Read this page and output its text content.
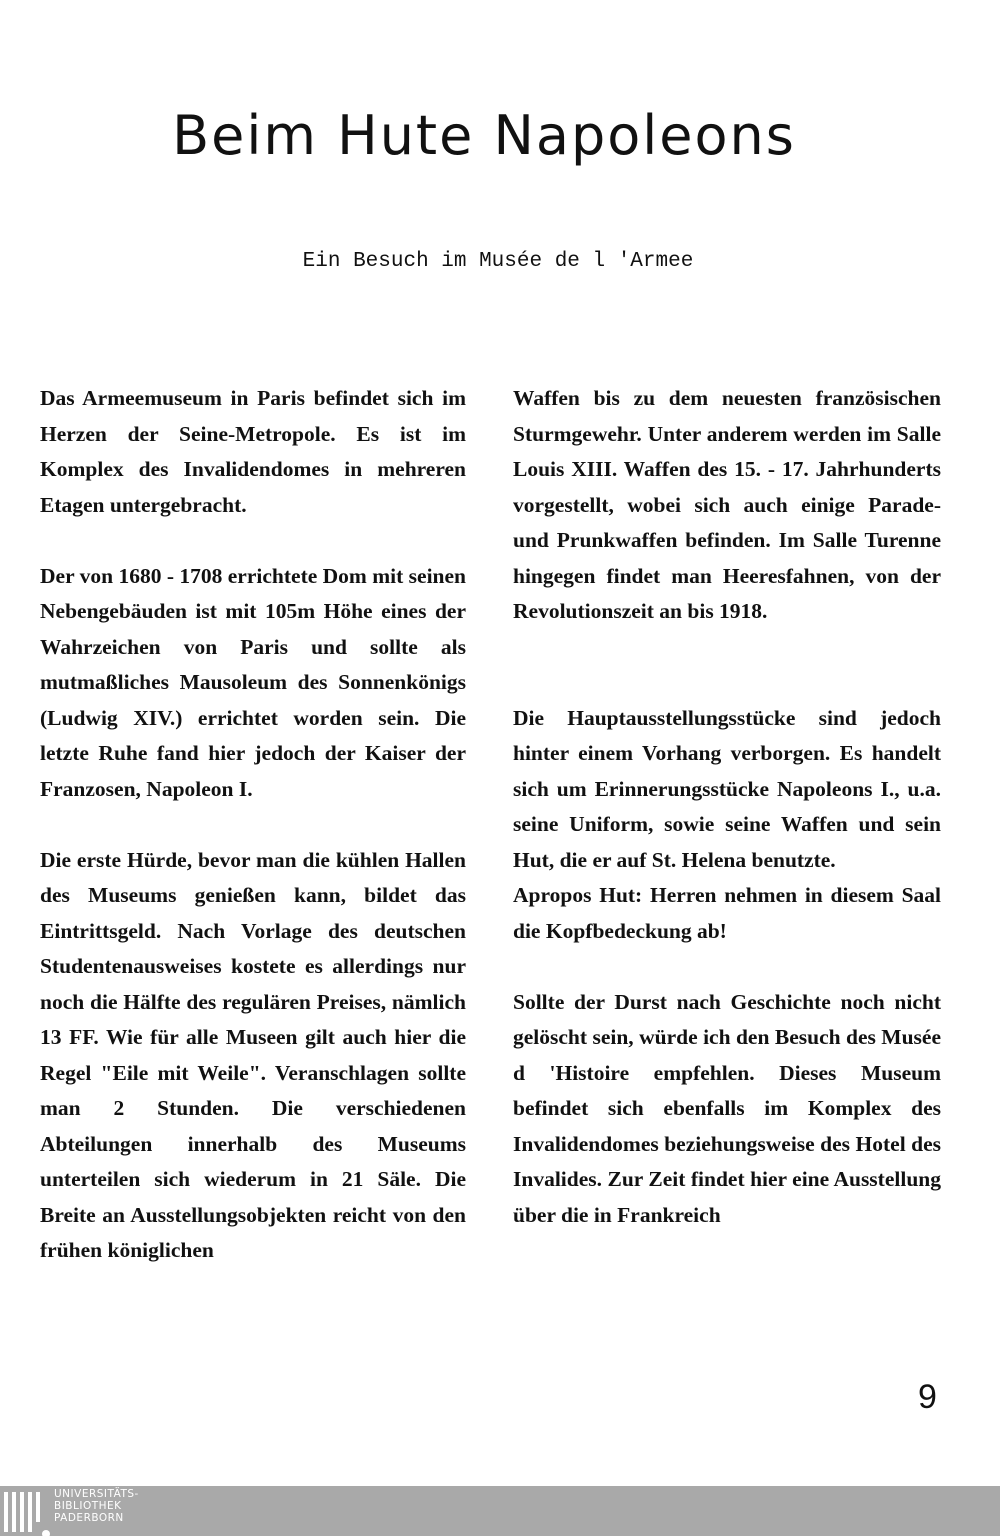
Beim Hute Napoleons
Ein Besuch im Musée de l 'Armee

Das Armeemuseum in Paris befindet sich im Herzen der Seine-Metropole. Es ist im Komplex des Invalidendomes in mehreren Etagen untergebracht.

Der von 1680 - 1708 errichtete Dom mit seinen Nebengebäuden ist mit 105m Höhe eines der Wahrzeichen von Paris und sollte als mutmaßliches Mausoleum des Sonnenkönigs (Ludwig XIV.) errichtet worden sein. Die letzte Ruhe fand hier jedoch der Kaiser der Franzosen, Napoleon I.

Die erste Hürde, bevor man die kühlen Hallen des Museums genießen kann, bildet das Eintrittsgeld. Nach Vorlage des deutschen Studentenausweises kostete es allerdings nur noch die Hälfte des regulären Preises, nämlich 13 FF. Wie für alle Museen gilt auch hier die Regel "Eile mit Weile". Veranschlagen sollte man 2 Stunden. Die verschiedenen Abteilungen innerhalb des Museums unterteilen sich wiederum in 21 Säle. Die Breite an Ausstellungsobjekten reicht von den frühen königlichen

Waffen bis zu dem neuesten französischen Sturmgewehr. Unter anderem werden im Salle Louis XIII. Waffen des 15. - 17. Jahrhunderts vorgestellt, wobei sich auch einige Parade- und Prunkwaffen befinden. Im Salle Turenne hingegen findet man Heeresfahnen, von der Revolutionszeit an bis 1918.

Die Hauptausstellungsstücke sind jedoch hinter einem Vorhang verborgen. Es handelt sich um Erinnerungsstücke Napoleons I., u.a. seine Uniform, sowie seine Waffen und sein Hut, die er auf St. Helena benutzte.

Apropos Hut: Herren nehmen in diesem Saal die Kopfbedeckung ab!

Sollte der Durst nach Geschichte noch nicht gelöscht sein, würde ich den Besuch des Musée d 'Histoire empfehlen. Dieses Museum befindet sich ebenfalls im Komplex des Invalidendomes beziehungsweise des Hotel des Invalides. Zur Zeit findet hier eine Ausstellung über die in Frankreich

9
UNIVERSITÄTS-
BIBLIOTHEK
PADERBORN
